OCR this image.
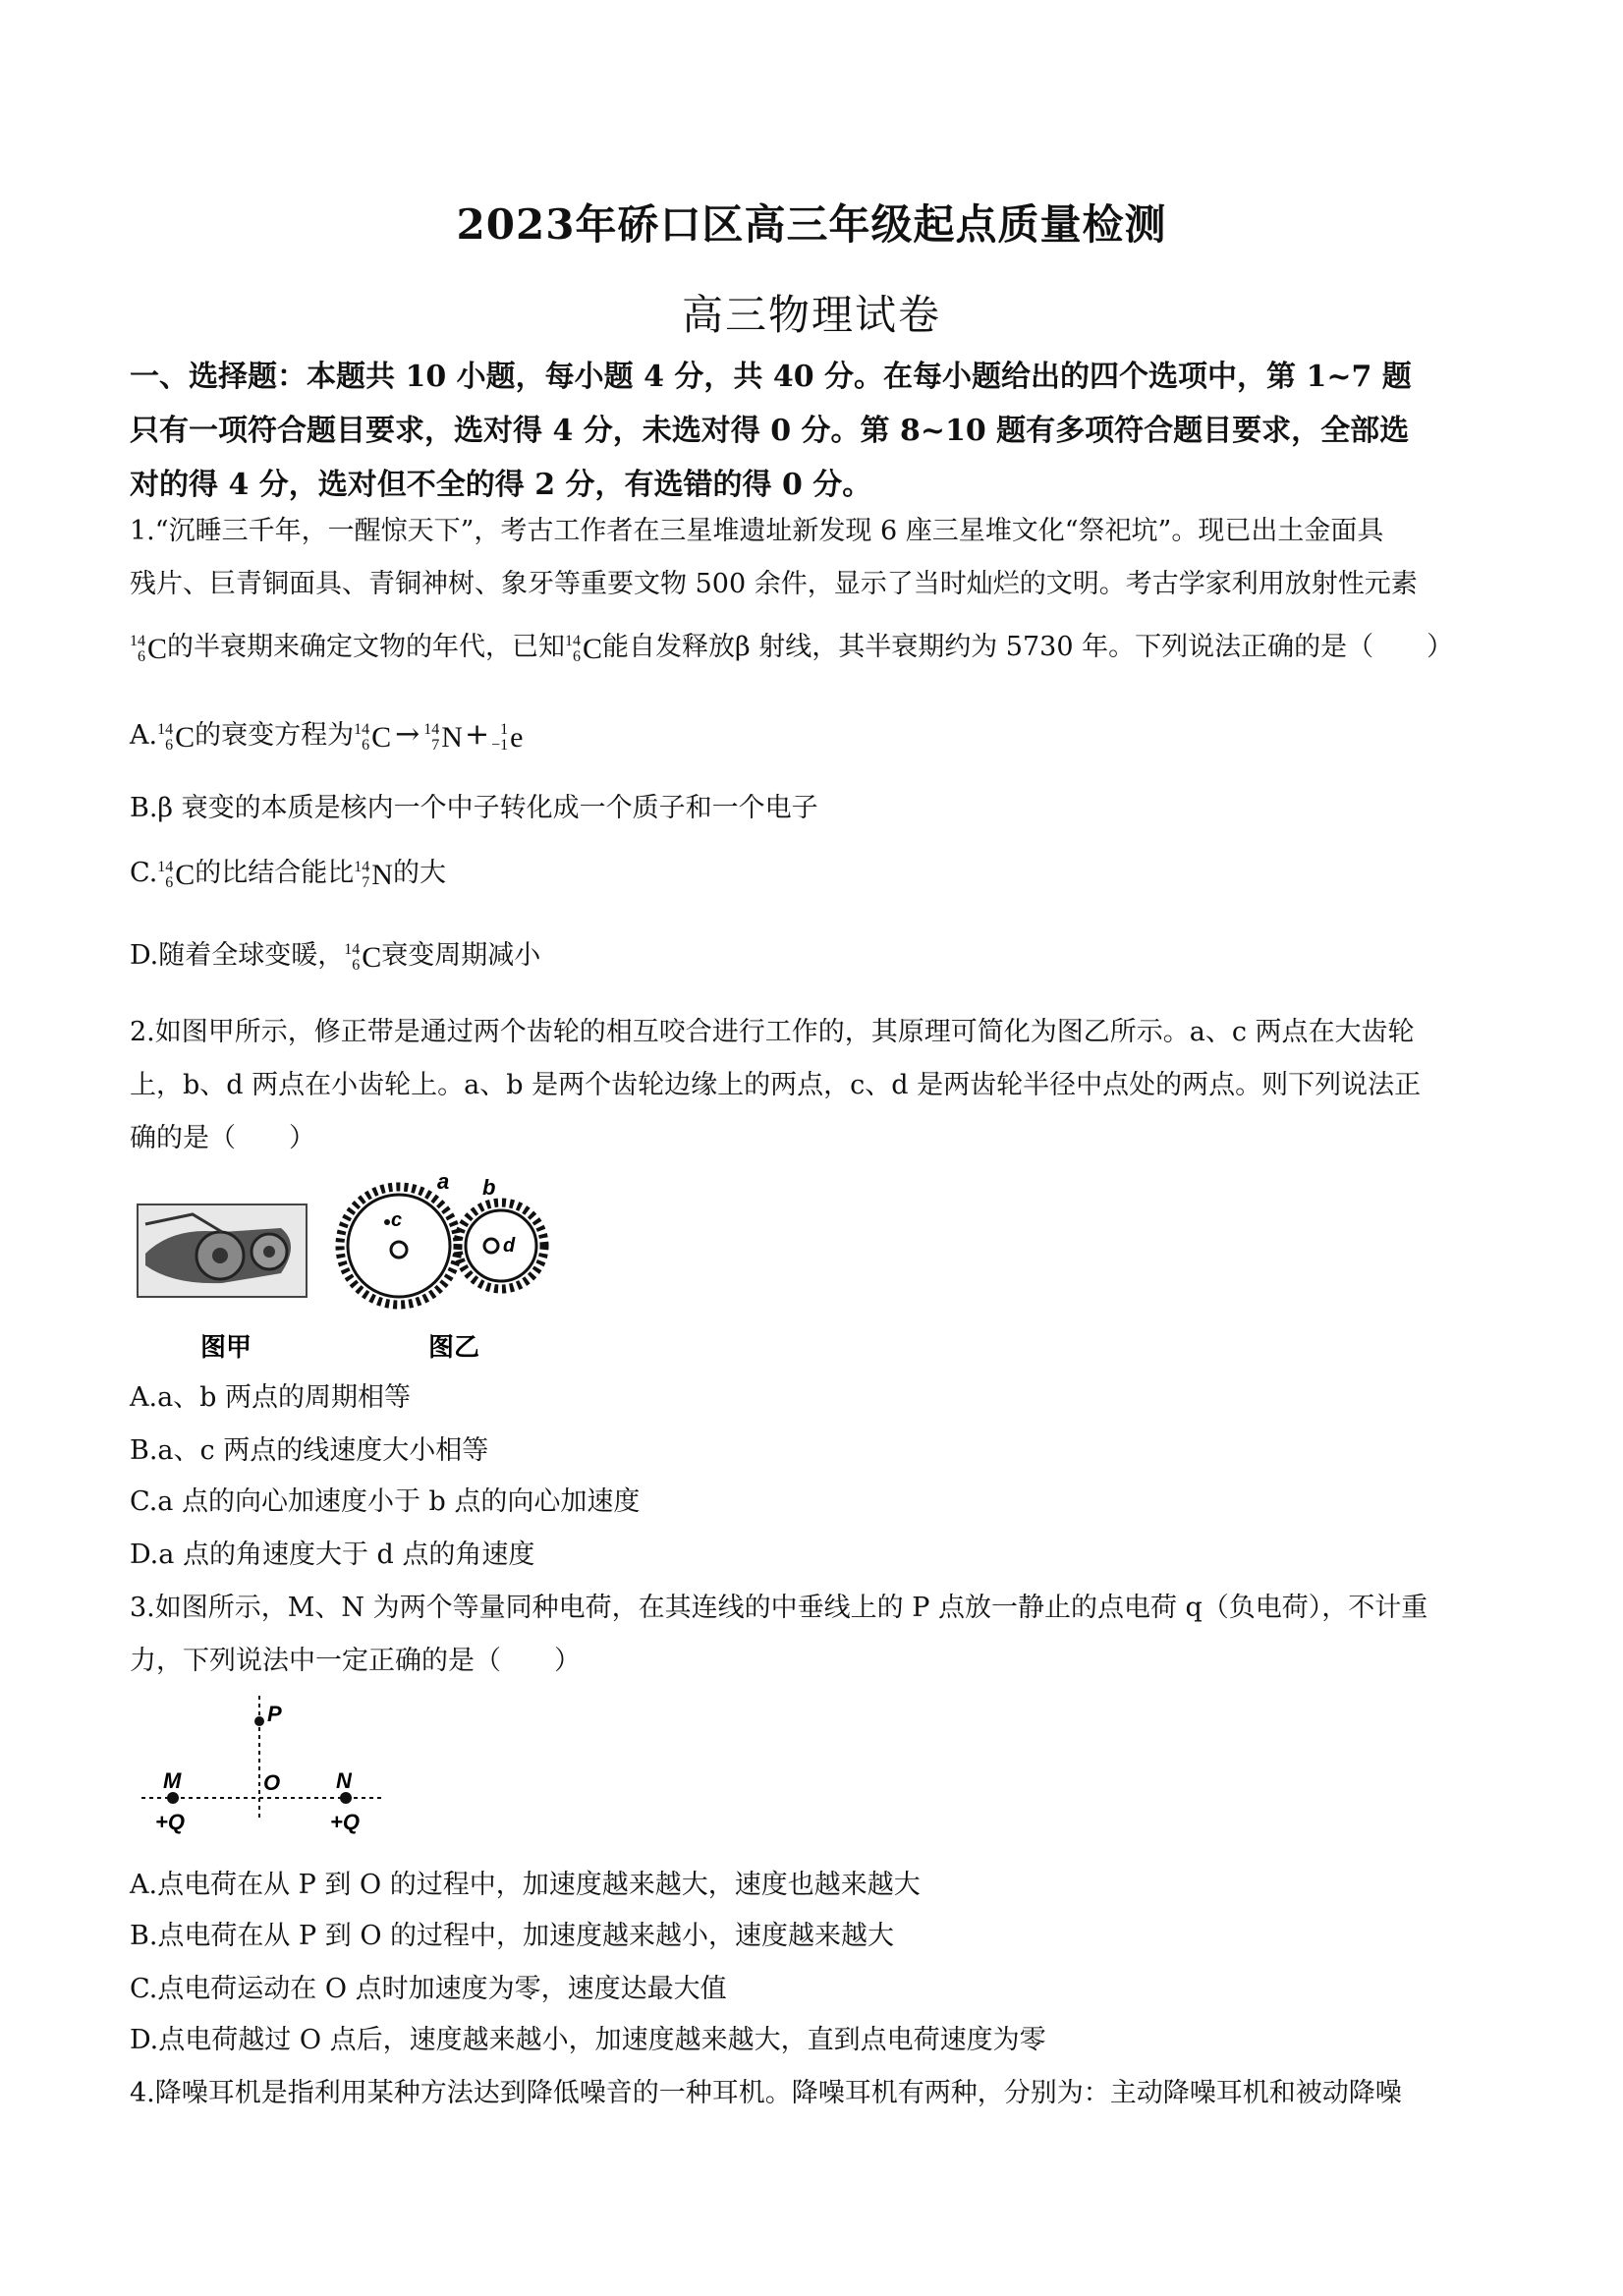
2023年硚口区高三年级起点质量检测
高三物理试卷
一、选择题：本题共 10 小题，每小题 4 分，共 40 分。在每小题给出的四个选项中，第 1~7 题
只有一项符合题目要求，选对得 4 分，未选对得 0 分。第 8~10 题有多项符合题目要求，全部选
对的得 4 分，选对但不全的得 2 分，有选错的得 0 分。
1.“沉睡三千年，一醒惊天下”，考古工作者在三星堆遗址新发现 6 座三星堆文化“祭祀坑”。现已出土金面具
残片、巨青铜面具、青铜神树、象牙等重要文物 500 余件，显示了当时灿烂的文明。考古学家利用放射性元素
14
6 C的半衰期来确定文物的年代，已知 14
6 C能自发释放β 射线，其半衰期约为 5730 年。下列说法正确的是（　　）
A. 14
6 C的衰变方程为 14
6 C → 14
7 N+ 1
−1 e
B.β 衰变的本质是核内一个中子转化成一个质子和一个电子
C. 14
6 C的比结合能比 14
7 N的大
D.随着全球变暖， 14
6 C衰变周期减小
2.如图甲所示，修正带是通过两个齿轮的相互咬合进行工作的，其原理可简化为图乙所示。a、c 两点在大齿轮
上，b、d 两点在小齿轮上。a、b 是两个齿轮边缘上的两点，c、d 是两齿轮半径中点处的两点。则下列说法正
确的是（　　）
a b
c
d
图甲	图乙
A.a、b 两点的周期相等
B.a、c 两点的线速度大小相等
C.a 点的向心加速度小于 b 点的向心加速度
D.a 点的角速度大于 d 点的角速度
3.如图所示，M、N 为两个等量同种电荷，在其连线的中垂线上的 P 点放一静止的点电荷 q（负电荷），不计重
力，下列说法中一定正确的是（　　）
P
M	O	N
+Q	+Q
A.点电荷在从 P 到 O 的过程中，加速度越来越大，速度也越来越大
B.点电荷在从 P 到 O 的过程中，加速度越来越小，速度越来越大
C.点电荷运动在 O 点时加速度为零，速度达最大值
D.点电荷越过 O 点后，速度越来越小，加速度越来越大，直到点电荷速度为零
4.降噪耳机是指利用某种方法达到降低噪音的一种耳机。降噪耳机有两种，分别为：主动降噪耳机和被动降噪
